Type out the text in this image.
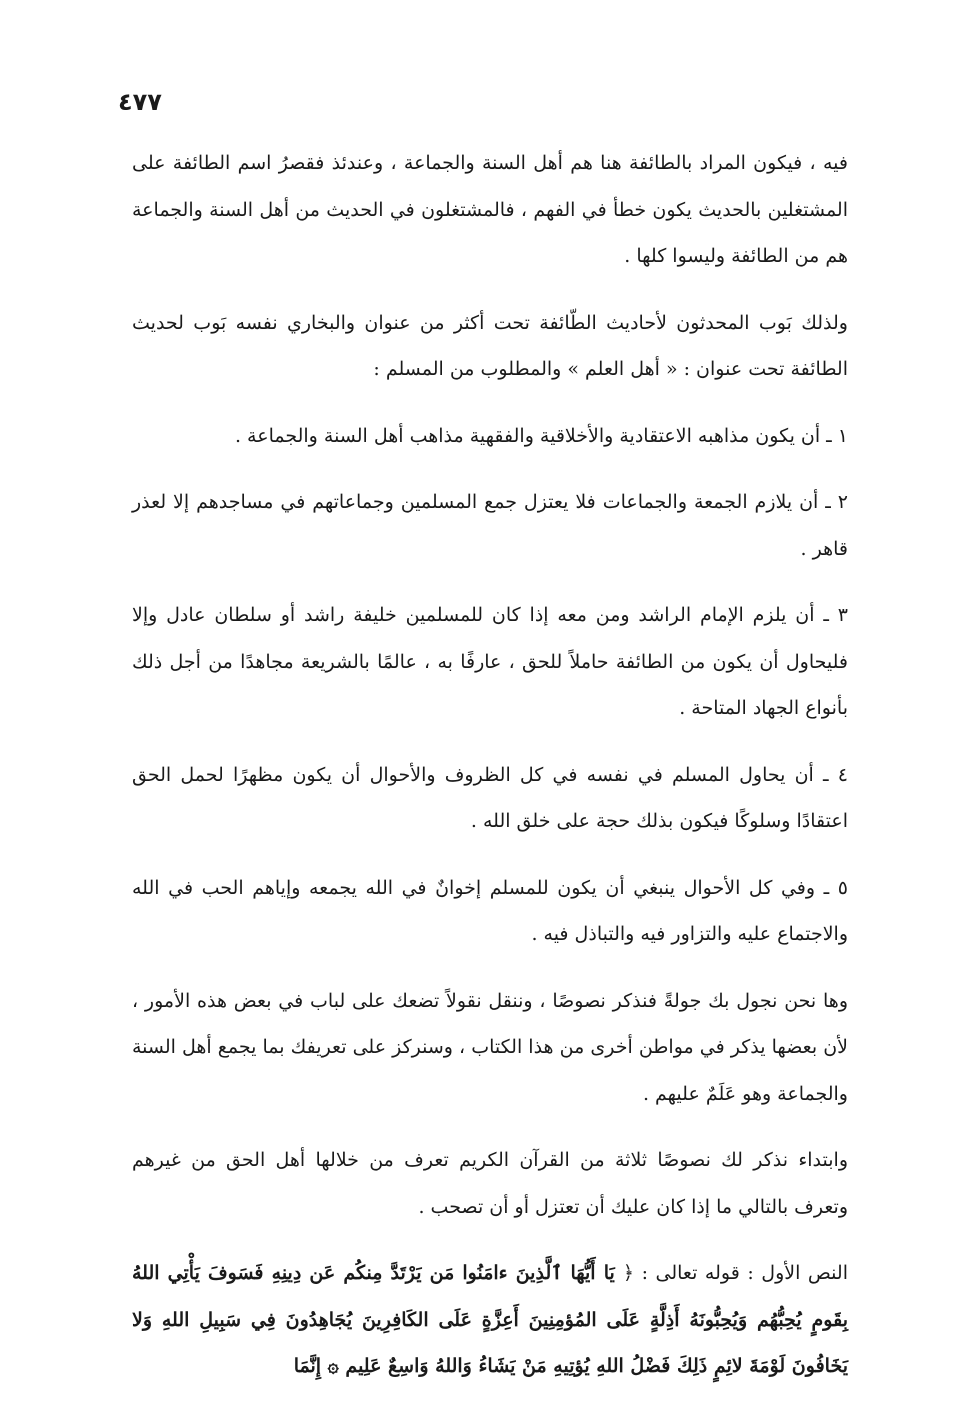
٤٧٧

فيه ، فيكون المراد بالطائفة هنا هم أهل السنة والجماعة ، وعندئذ فقصرُ اسم الطائفة على المشتغلين بالحديث يكون خطأ في الفهم ، فالمشتغلون في الحديث من أهل السنة والجماعة هم من الطائفة وليسوا كلها .

ولذلك بَوب المحدثون لأحاديث الطّائفة تحت أكثر من عنوان والبخاري نفسه بَوب لحديث الطائفة تحت عنوان : « أهل العلم » والمطلوب من المسلم :

١ ـ أن يكون مذاهبه الاعتقادية والأخلاقية والفقهية مذاهب أهل السنة والجماعة .

٢ ـ أن يلازم الجمعة والجماعات فلا يعتزل جمع المسلمين وجماعاتهم في مساجدهم إلا لعذر قاهر .

٣ ـ أن يلزم الإمام الراشد ومن معه إذا كان للمسلمين خليفة راشد أو سلطان عادل وإلا فليحاول أن يكون من الطائفة حاملاً للحق ، عارفًا به ، عالمًا بالشريعة مجاهدًا من أجل ذلك بأنواع الجهاد المتاحة .

٤ ـ أن يحاول المسلم في نفسه في كل الظروف والأحوال أن يكون مظهرًا لحمل الحق اعتقادًا وسلوكًا فيكون بذلك حجة على خلق الله .

٥ ـ وفي كل الأحوال ينبغي أن يكون للمسلم إخوانٌ في الله يجمعه وإياهم الحب في الله والاجتماع عليه والتزاور فيه والتباذل فيه .

وها نحن نجول بك جولةً فنذكر نصوصًا ، وننقل نقولاً تضعك على لباب في بعض هذه الأمور ، لأن بعضها يذكر في مواطن أخرى من هذا الكتاب ، وسنركز على تعريفك بما يجمع أهل السنة والجماعة وهو عَلَمٌ عليهم .

وابتداء نذكر لك نصوصًا ثلاثة من القرآن الكريم تعرف من خلالها أهل الحق من غيرهم وتعرف بالتالي ما إذا كان عليك أن تعتزل أو أن تصحب .

النص الأول : قوله تعالى : ﴿ يَا أَيُّهَا ٱلَّذِينَ ءامَنُوا مَن يَرْتَدَّ مِنكُم عَن دِينِهِ فَسَوفَ يَأْتِي اللهُ بِقَومٍ يُحِبُّهُم وَيُحِبُّونَهُ أَذِلَّةٍ عَلَى المُؤمِنِينَ أَعِزَّةٍ عَلَى الكَافِرِينَ يُجَاهِدُونَ فِي سَبِيلِ اللهِ وَلا يَخَافُونَ لَوْمَةَ لائِمٍ ذَلِكَ فَضْلُ اللهِ يُؤتِيهِ مَنْ يَشَاءُ وَاللهُ وَاسِعٌ عَلِيم ۞ إِنَّمَا
